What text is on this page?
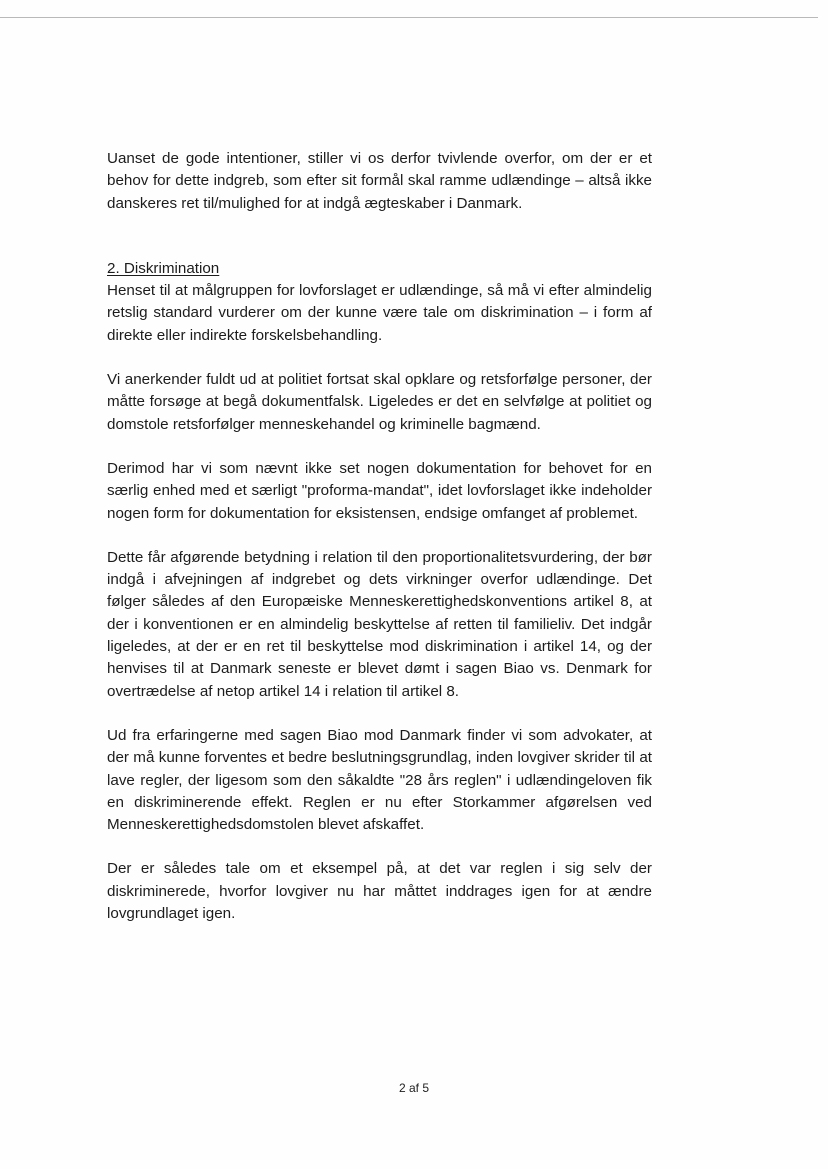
Uanset de gode intentioner, stiller vi os derfor tvivlende overfor, om der er et behov for dette indgreb, som efter sit formål skal ramme udlændinge – altså ikke danskeres ret til/mulighed for at indgå ægteskaber i Danmark.

2. Diskrimination

Henset til at målgruppen for lovforslaget er udlændinge, så må vi efter almindelig retslig standard vurderer om der kunne være tale om diskrimination – i form af direkte eller indirekte forskelsbehandling.

Vi anerkender fuldt ud at politiet fortsat skal opklare og retsforfølge personer, der måtte forsøge at begå dokumentfalsk. Ligeledes er det en selvfølge at politiet og domstole retsforfølger menneskehandel og kriminelle bagmænd.

Derimod har vi som nævnt ikke set nogen dokumentation for behovet for en særlig enhed med et særligt "proforma-mandat", idet lovforslaget ikke indeholder nogen form for dokumentation for eksistensen, endsige omfanget af problemet.

Dette får afgørende betydning i relation til den proportionalitetsvurdering, der bør indgå i afvejningen af indgrebet og dets virkninger overfor udlændinge. Det følger således af den Europæiske Menneskerettighedskonventions artikel 8, at der i konventionen er en almindelig beskyttelse af retten til familieliv. Det indgår ligeledes, at der er en ret til beskyttelse mod diskrimination i artikel 14, og der henvises til at Danmark seneste er blevet dømt i sagen Biao vs. Denmark for overtrædelse af netop artikel 14 i relation til artikel 8.

Ud fra erfaringerne med sagen Biao mod Danmark finder vi som advokater, at der må kunne forventes et bedre beslutningsgrundlag, inden lovgiver skrider til at lave regler, der ligesom som den såkaldte "28 års reglen" i udlændingeloven fik en diskriminerende effekt. Reglen er nu efter Storkammer afgørelsen ved Menneskerettighedsdomstolen blevet afskaffet.

Der er således tale om et eksempel på, at det var reglen i sig selv der diskriminerede, hvorfor lovgiver nu har måttet inddrages igen for at ændre lovgrundlaget igen.

2 af 5
